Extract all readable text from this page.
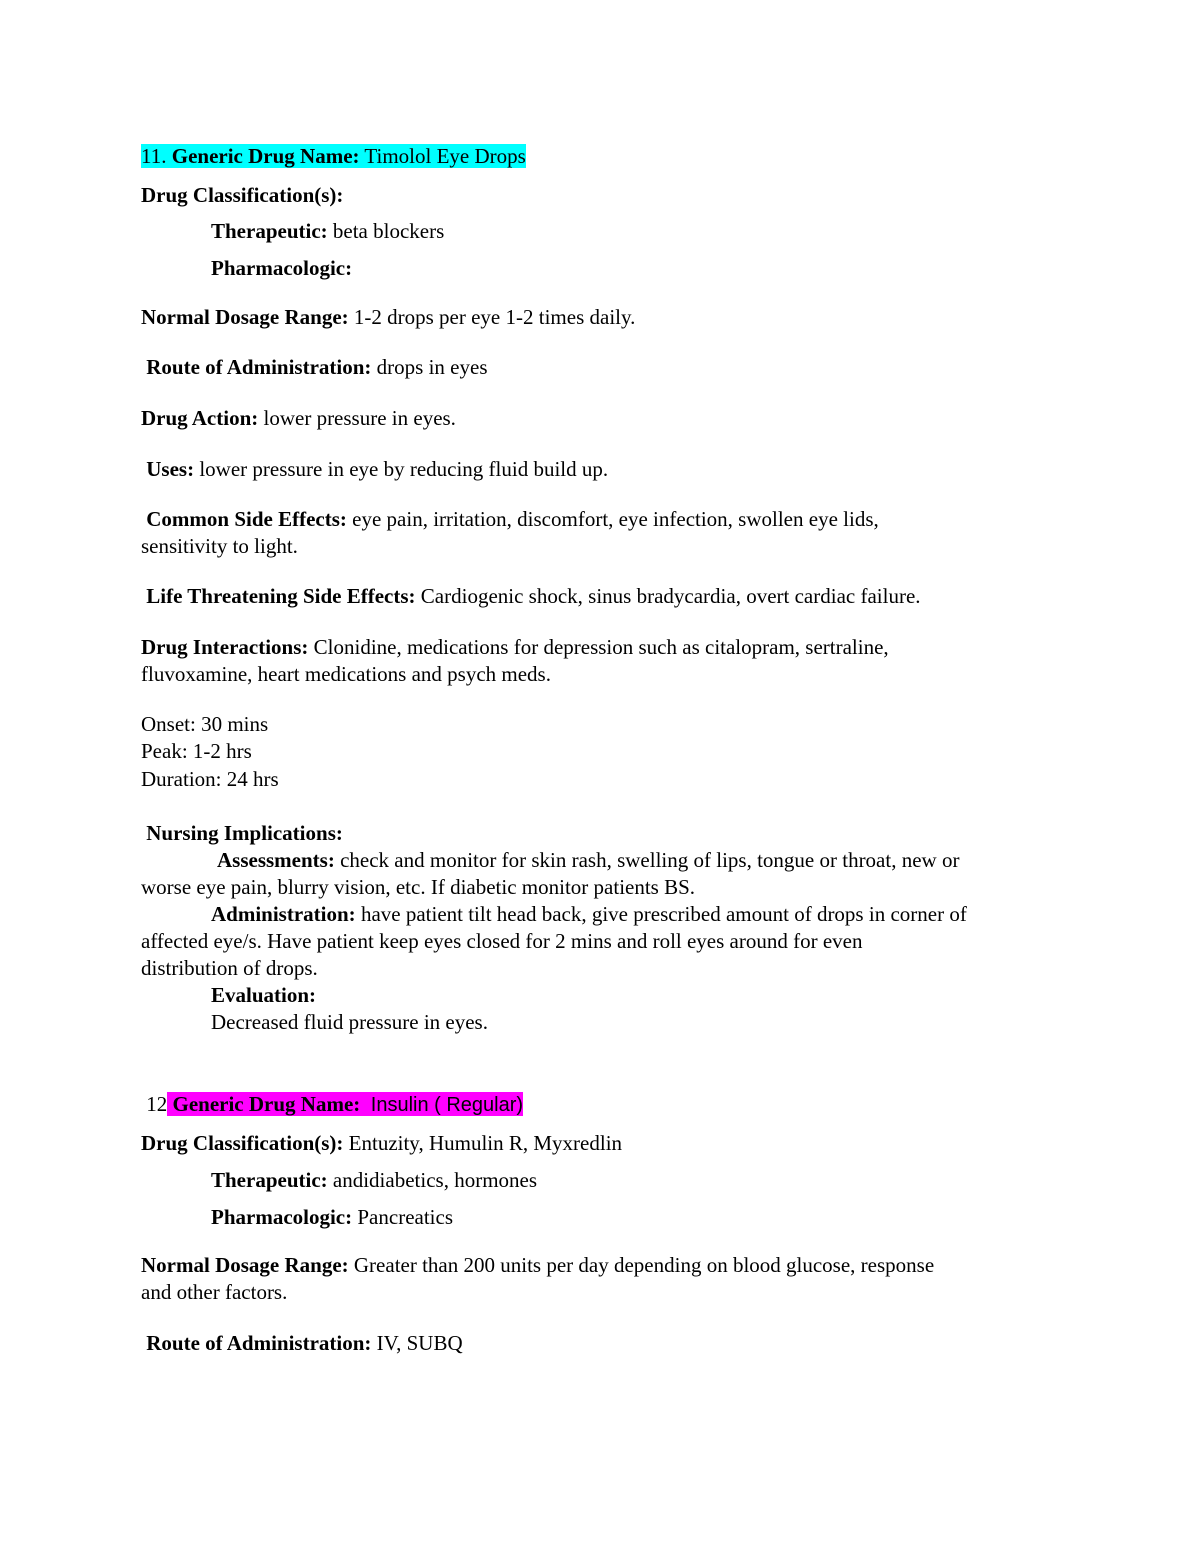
11. Generic Drug Name: Timolol Eye Drops
Drug Classification(s):
Therapeutic: beta blockers
Pharmacologic:
Normal Dosage Range: 1-2 drops per eye 1-2 times daily.
Route of Administration: drops in eyes
Drug Action: lower pressure in eyes.
Uses: lower pressure in eye by reducing fluid build up.
Common Side Effects: eye pain, irritation, discomfort, eye infection, swollen eye lids,
sensitivity to light.
Life Threatening Side Effects: Cardiogenic shock, sinus bradycardia, overt cardiac failure.
Drug Interactions: Clonidine, medications for depression such as citalopram, sertraline,
fluvoxamine, heart medications and psych meds.
Onset: 30 mins
Peak: 1-2 hrs
Duration: 24 hrs
Nursing Implications:
Assessments: check and monitor for skin rash, swelling of lips, tongue or throat, new or
worse eye pain, blurry vision, etc. If diabetic monitor patients BS.
Administration: have patient tilt head back, give prescribed amount of drops in corner of
affected eye/s. Have patient keep eyes closed for 2 mins and roll eyes around for even
distribution of drops.
Evaluation:
Decreased fluid pressure in eyes.
12 Generic Drug Name: Insulin ( Regular)
Drug Classification(s): Entuzity, Humulin R, Myxredlin
Therapeutic: andidiabetics, hormones
Pharmacologic: Pancreatics
Normal Dosage Range: Greater than 200 units per day depending on blood glucose, response
and other factors.
Route of Administration: IV, SUBQ
